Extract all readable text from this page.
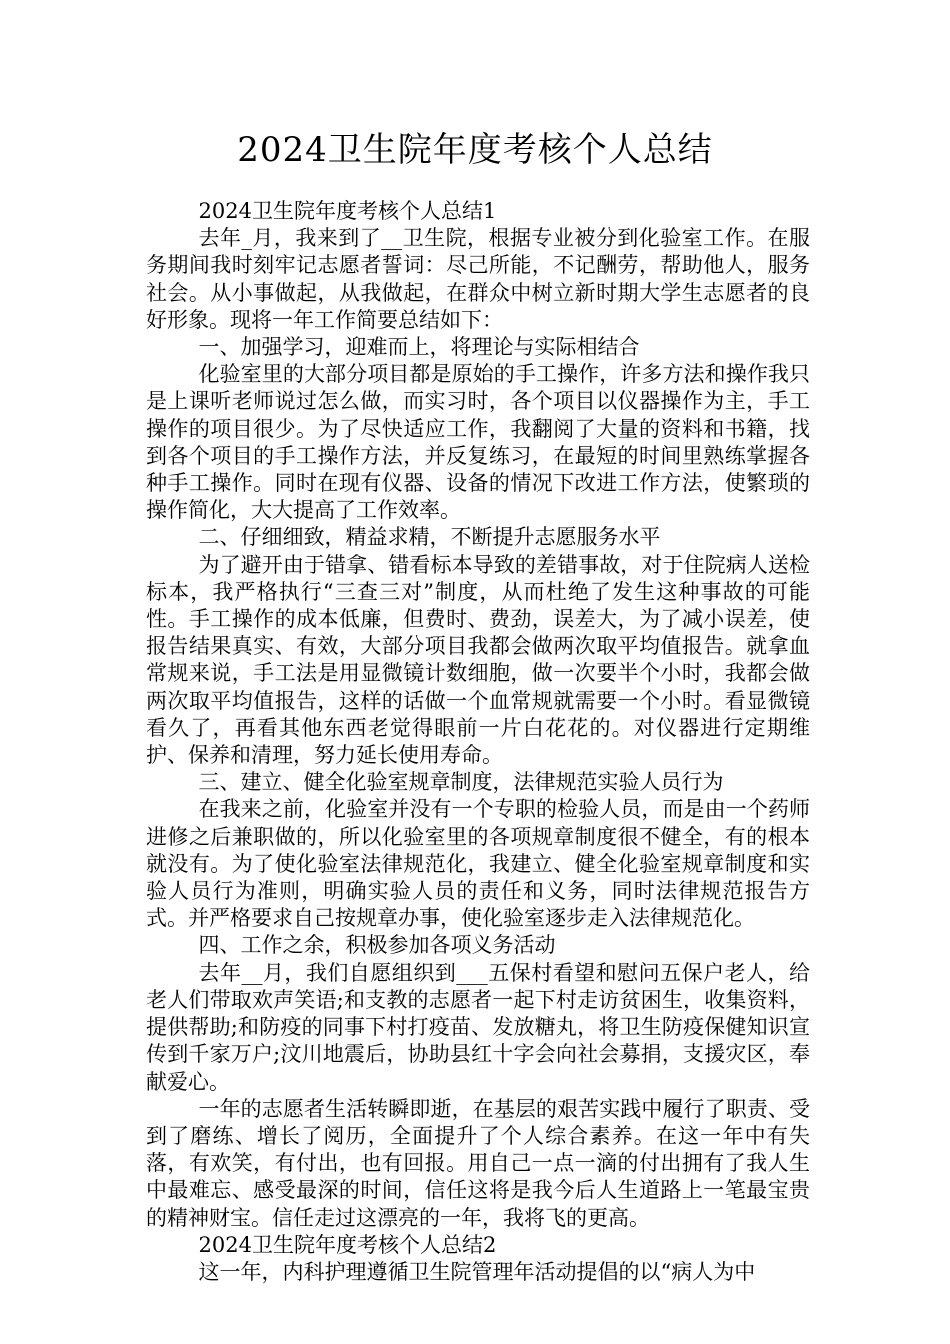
2024卫生院年度考核个人总结

2024卫生院年度考核个人总结1

去年_月，我来到了__卫生院，根据专业被分到化验室工作。在服务期间我时刻牢记志愿者誓词：尽己所能，不记酬劳，帮助他人，服务社会。从小事做起，从我做起，在群众中树立新时期大学生志愿者的良好形象。现将一年工作简要总结如下：

一、加强学习，迎难而上，将理论与实际相结合

化验室里的大部分项目都是原始的手工操作，许多方法和操作我只是上课听老师说过怎么做，而实习时，各个项目以仪器操作为主，手工操作的项目很少。为了尽快适应工作，我翻阅了大量的资料和书籍，找到各个项目的手工操作方法，并反复练习，在最短的时间里熟练掌握各种手工操作。同时在现有仪器、设备的情况下改进工作方法，使繁琐的操作简化，大大提高了工作效率。

二、仔细细致，精益求精，不断提升志愿服务水平

为了避开由于错拿、错看标本导致的差错事故，对于住院病人送检标本，我严格执行“三查三对”制度，从而杜绝了发生这种事故的可能性。手工操作的成本低廉，但费时、费劲，误差大，为了减小误差，使报告结果真实、有效，大部分项目我都会做两次取平均值报告。就拿血常规来说，手工法是用显微镜计数细胞，做一次要半个小时，我都会做两次取平均值报告，这样的话做一个血常规就需要一个小时。看显微镜看久了，再看其他东西老觉得眼前一片白花花的。对仪器进行定期维护、保养和清理，努力延长使用寿命。

三、建立、健全化验室规章制度，法律规范实验人员行为

在我来之前，化验室并没有一个专职的检验人员，而是由一个药师进修之后兼职做的，所以化验室里的各项规章制度很不健全，有的根本就没有。为了使化验室法律规范化，我建立、健全化验室规章制度和实验人员行为准则，明确实验人员的责任和义务，同时法律规范报告方式。并严格要求自己按规章办事，使化验室逐步走入法律规范化。

四、工作之余，积极参加各项义务活动

去年__月，我们自愿组织到___五保村看望和慰问五保户老人，给老人们带取欢声笑语;和支教的志愿者一起下村走访贫困生，收集资料，提供帮助;和防疫的同事下村打疫苗、发放糖丸，将卫生防疫保健知识宣传到千家万户;汶川地震后，协助县红十字会向社会募捐，支援灾区，奉献爱心。

一年的志愿者生活转瞬即逝，在基层的艰苦实践中履行了职责、受到了磨练、增长了阅历，全面提升了个人综合素养。在这一年中有失落，有欢笑，有付出，也有回报。用自己一点一滴的付出拥有了我人生中最难忘、感受最深的时间，信任这将是我今后人生道路上一笔最宝贵的精神财宝。信任走过这漂亮的一年，我将飞的更高。

2024卫生院年度考核个人总结2

这一年，内科护理遵循卫生院管理年活动提倡的以“病人为中
